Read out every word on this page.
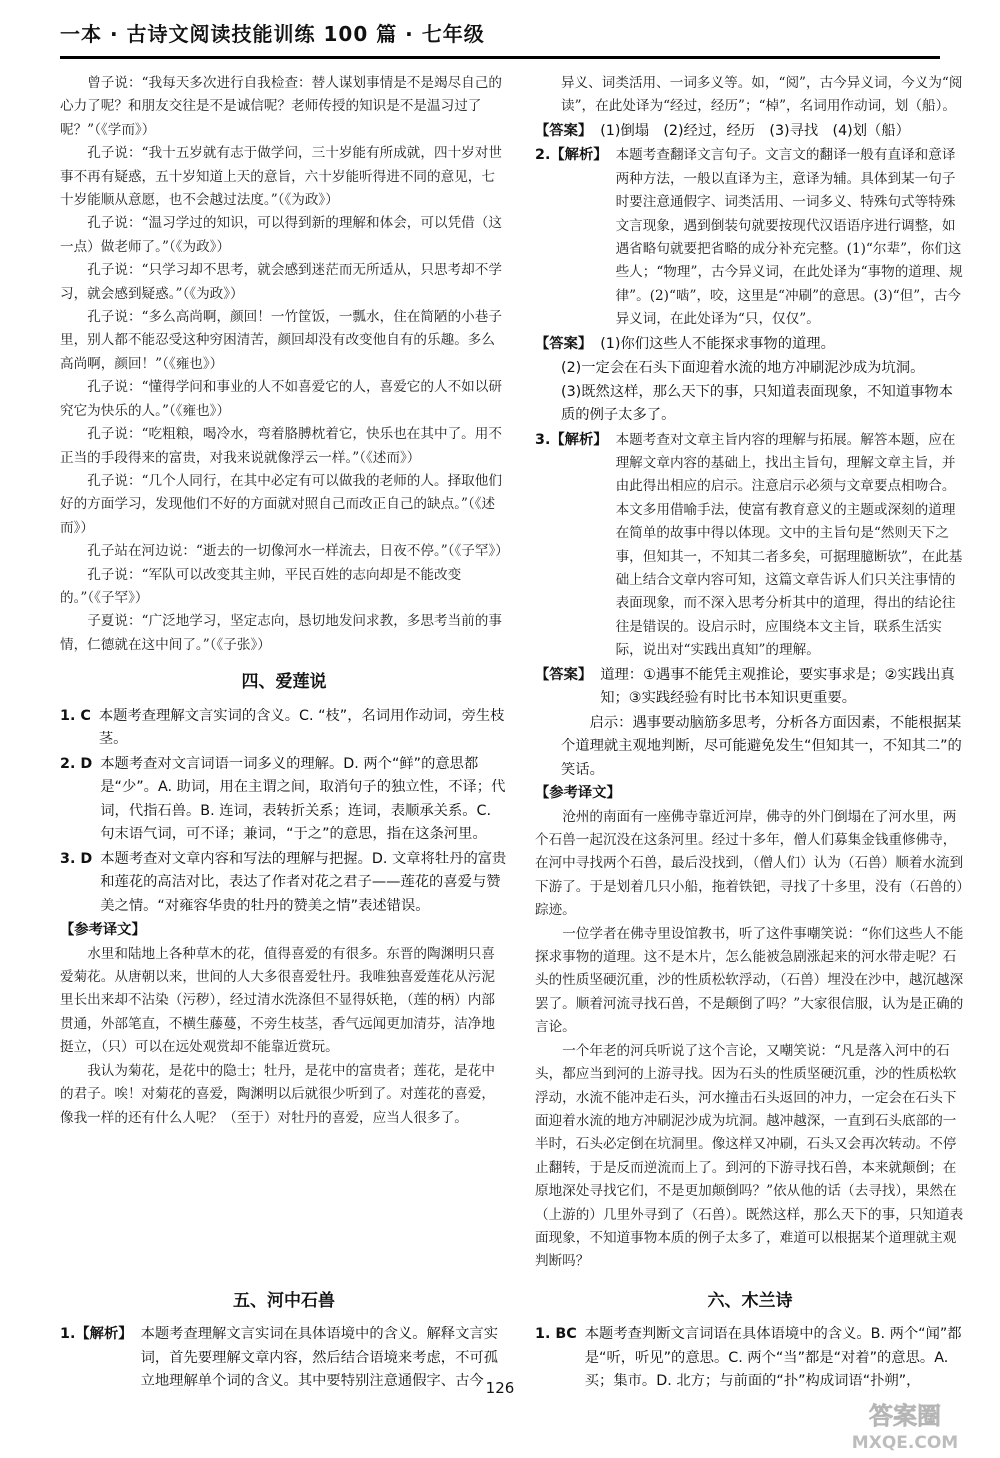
一本 · 古诗文阅读技能训练 100 篇 · 七年级

曾子说：“我每天多次进行自我检查：替人谋划事情是不是竭尽自己的心力了呢？和朋友交往是不是诚信呢？老师传授的知识是不是温习过了呢？”（《学而》）

孔子说：“我十五岁就有志于做学问，三十岁能有所成就，四十岁对世事不再有疑惑，五十岁知道上天的意旨，六十岁能听得进不同的意见，七十岁能顺从意愿，也不会越过法度。”（《为政》）

孔子说：“温习学过的知识，可以得到新的理解和体会，可以凭借（这一点）做老师了。”（《为政》）

孔子说：“只学习却不思考，就会感到迷茫而无所适从，只思考却不学习，就会感到疑惑。”（《为政》）

孔子说：“多么高尚啊，颜回！一竹筐饭，一瓢水，住在简陋的小巷子里，别人都不能忍受这种穷困清苦，颜回却没有改变他自有的乐趣。多么高尚啊，颜回！”（《雍也》）

孔子说：“懂得学问和事业的人不如喜爱它的人，喜爱它的人不如以研究它为快乐的人。”（《雍也》）

孔子说：“吃粗粮，喝冷水，弯着胳膊枕着它，快乐也在其中了。用不正当的手段得来的富贵，对我来说就像浮云一样。”（《述而》）

孔子说：“几个人同行，在其中必定有可以做我的老师的人。择取他们好的方面学习，发现他们不好的方面就对照自己而改正自己的缺点。”（《述而》）

孔子站在河边说：“逝去的一切像河水一样流去，日夜不停。”（《子罕》）

孔子说：“军队可以改变其主帅，平民百姓的志向却是不能改变的。”（《子罕》）

子夏说：“广泛地学习，坚定志向，恳切地发问求教，多思考当前的事情，仁德就在这中间了。”（《子张》）

四、爱莲说
1. C 本题考查理解文言实词的含义。C. “枝”，名词用作动词，旁生枝茎。
2. D 本题考查对文言词语一词多义的理解。D. 两个“鲜”的意思都是“少”。A. 助词，用在主谓之间，取消句子的独立性，不译；代词，代指石兽。B. 连词，表转折关系；连词，表顺承关系。C. 句末语气词，可不译；兼词，“于之”的意思，指在这条河里。
3. D 本题考查对文章内容和写法的理解与把握。D. 文章将牡丹的富贵和莲花的高洁对比，表达了作者对花之君子——莲花的喜爱与赞美之情。“对雍容华贵的牡丹的赞美之情”表述错误。

【参考译文】

水里和陆地上各种草木的花，值得喜爱的有很多。东晋的陶渊明只喜爱菊花。从唐朝以来，世间的人大多很喜爱牡丹。我唯独喜爱莲花从污泥里长出来却不沾染（污秽），经过清水洗涤但不显得妖艳，（莲的柄）内部贯通，外部笔直，不横生藤蔓，不旁生枝茎，香气远闻更加清芬，洁净地挺立，（只）可以在远处观赏却不能靠近赏玩。

我认为菊花，是花中的隐士；牡丹，是花中的富贵者；莲花，是花中的君子。唉！对菊花的喜爱，陶渊明以后就很少听到了。对莲花的喜爱，像我一样的还有什么人呢？（至于）对牡丹的喜爱，应当人很多了。

异义、词类活用、一词多义等。如，“阅”，古今异义词，今义为“阅读”，在此处译为“经过，经历”；“棹”，名词用作动词，划（船）。

【答案】 (1)倒塌　(2)经过，经历　(3)寻找　(4)划（船）
2.【解析】 本题考查翻译文言句子。文言文的翻译一般有直译和意译两种方法，一般以直译为主，意译为辅。具体到某一句子时要注意通假字、词类活用、一词多义、特殊句式等特殊文言现象，遇到倒装句就要按现代汉语语序进行调整，如遇省略句就要把省略的成分补充完整。(1)“尔辈”，你们这些人；“物理”，古今异义词，在此处译为“事物的道理、规律”。(2)“啮”，咬，这里是“冲刷”的意思。(3)“但”，古今异义词，在此处译为“只，仅仅”。
【答案】 (1)你们这些人不能探求事物的道理。

(2)一定会在石头下面迎着水流的地方冲刷泥沙成为坑洞。

(3)既然这样，那么天下的事，只知道表面现象，不知道事物本质的例子太多了。

3.【解析】 本题考查对文章主旨内容的理解与拓展。解答本题，应在理解文章内容的基础上，找出主旨句，理解文章主旨，并由此得出相应的启示。注意启示必须与文章要点相吻合。本文多用借喻手法，使富有教育意义的主题或深刻的道理在简单的故事中得以体现。文中的主旨句是“然则天下之事，但知其一，不知其二者多矣，可据理臆断欤”，在此基础上结合文章内容可知，这篇文章告诉人们只关注事情的表面现象，而不深入思考分析其中的道理，得出的结论往往是错误的。设启示时，应围绕本文主旨，联系生活实际，说出对“实践出真知”的理解。
【答案】 道理：①遇事不能凭主观推论，要实事求是；②实践出真知；③实践经验有时比书本知识更重要。

启示：遇事要动脑筋多思考，分析各方面因素，不能根据某个道理就主观地判断，尽可能避免发生“但知其一，不知其二”的笑话。

【参考译文】

沧州的南面有一座佛寺靠近河岸，佛寺的外门倒塌在了河水里，两个石兽一起沉没在这条河里。经过十多年，僧人们募集金钱重修佛寺，在河中寻找两个石兽，最后没找到，（僧人们）认为（石兽）顺着水流到下游了。于是划着几只小船，拖着铁钯，寻找了十多里，没有（石兽的）踪迹。

一位学者在佛寺里设馆教书，听了这件事嘲笑说：“你们这些人不能探求事物的道理。这不是木片，怎么能被急剧涨起来的河水带走呢？石头的性质坚硬沉重，沙的性质松软浮动，（石兽）埋没在沙中，越沉越深罢了。顺着河流寻找石兽，不是颠倒了吗？”大家很信服，认为是正确的言论。

一个年老的河兵听说了这个言论，又嘲笑说：“凡是落入河中的石头，都应当到河的上游寻找。因为石头的性质坚硬沉重，沙的性质松软浮动，水流不能冲走石头，河水撞击石头返回的冲力，一定会在石头下面迎着水流的地方冲刷泥沙成为坑洞。越冲越深，一直到石头底部的一半时，石头必定倒在坑洞里。像这样又冲刷，石头又会再次转动。不停止翻转，于是反而逆流而上了。到河的下游寻找石兽，本来就颠倒；在原地深处寻找它们，不是更加颠倒吗？”依从他的话（去寻找），果然在（上游的）几里外寻到了（石兽）。既然这样，那么天下的事，只知道表面现象，不知道事物本质的例子太多了，难道可以根据某个道理就主观判断吗？

五、河中石兽	六、木兰诗
1.【解析】 本题考查理解文言实词在具体语境中的含义。解释文言实词，首先要理解文章内容，然后结合语境来考虑，不可孤立地理解单个词的含义。其中要特别注意通假字、古今
1. BC 本题考查判断文言词语在具体语境中的含义。B. 两个“闻”都是“听，听见”的意思。C. 两个“当”都是“对着”的意思。A. 买；集市。D. 北方；与前面的“扑”构成词语“扑朔”，
126
答案圈
MXQE.COM
